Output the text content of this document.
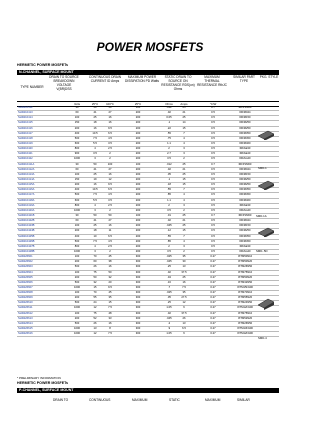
POWER MOSFETS
HERMETIC POWER MOSFETs
N-CHANNEL, SURFACE MOUNT
TYPE NUMBER
DRAIN TO SOURCE BREAKDOWN VOLTAGE V(BR)DSS
CONTINUOUS DRAIN CURRENT ID Amps
MAXIMUM POWER DISSIPATION PD Watts
STATIC DRAIN TO SOURCE ON RESISTANCE RDS(on) Ohms
MAXIMUM THERMAL RESISTANCE RthJC
SIMILAR PART TYPE
PKG. STYLE
Volts	25°C	100°C	25°C	Ohms	Amps	°C/W
SHD210412	30	50	50	100	.012	25	0.7	IRFP1M60
SHD210413	60	41	27	200	.02	21	0.5	IRFM044
SHD210414	100	25	16	200	0.05	25	0.5	IRFM150
SHD210415	150	18	16	200	.1	14	0.5	IRFM250
SHD210416	200	16	9.5	200	.22	15	0.5	IRFM250
SHD210417	400	10.5	6.5	200	.55	7	0.5	IRFM350
SHD210418	500	7.5	4.5	200	.75	4	0.5	IRFM450
SHD210419	600	5.5	3.5	200	1.1	4	0.5	IRFM460
SHD210420	800	4	2.5	200	2	3	0.5	IRFAE30
SHD210421	900	3.5	2	200	2.7	3	0.5	IRFAE40
SHD210422	1000	3	2	200	3.5	2	0.5	IRFAG40
SHD210411A	30	50	100	100	.012	25	0.7	IRFP1M60
SHD210412A	60	41	27	200	.02	21	0.5	IRFM044
SHD210413A	100	25	16	200	.05	25	0.5	IRFM150
SHD210414A	150	19	12	200	.1	15	0.5	IRFM250
SHD210415A	200	16	9.5	200	.18	15	0.5	IRFM250
SHD210416A	400	10.5	6.5	200	.55	7	0.5	IRFM350
SHD210417A	500	7.5	4.5	200	.85	4	0.5	IRFM450
SHD210418A	600	5.5	3.5	200	1.1	4	0.5	IRFM460
SHD210419A	800	4	2.5	200	2	3	0.5	IRFAE30
SHD210420A	1000	3	2	200	3.5	2	0.5	IRFAG40
SHD210421B	30	50	50	100	.01	25	0.7	IRFP1M60
SHD210422B	60	41	27	200	.02	21	0.5	IRFM044
SHD210423B	100	25	16	200	.045	25	0.5	IRFM150
SHD210424B	200	18	11	200	.12	15	0.5	IRFM250
SHD210425B	400	10	6.5	200	.55	7	0.5	IRFM350
SHD210426B	500	7.5	4.5	200	.85	4	0.5	IRFM450
SHD210427B	800	4	2.5	200	2	3	0.5	IRFAE30
SHD210428B	1000	3	2	200	3.5	2	0.5	IRFAG40
SHD226601	100	70	45	300	.025	35	0.27	IXTM50N10
SHD226602	200	60	38	300	.045	30	0.27	IXTM50N20
SHD226603	500	26	16	300	.25	13	0.27	IXTM26N50
SHD226604	100	75	50	300	.02	37.5	0.27	IXTM75N10
SHD226605	200	50	32	300	.04	25	0.27	IXTM50N20
SHD226606	500	32	20	300	.16	16	0.27	IXTM32N50
SHD226607	1000	15	9.5	300	.7	7.5	0.27	IXTM15N100
SHD226608	100	70	45	300	.025	35	0.27	IXTM70N10
SHD226609	200	55	35	300	.05	27.5	0.27	IXTM55N20
SHD226610	500	24	15	300	.25	12	0.27	IXTM24N50
SHD226611	1000	12	7.5	300	1.05	6	0.27	IXTM12N100
SHD226612	100	75	48	300	.02	37.5	0.27	IXTM75N10
SHD226613	200	52	33	300	.045	26	0.27	IXTM52N20
SHD226614	500	26	16	300	.2	13	0.27	IXTM26N50
SHD226615	1000	13	8	300	.9	6.5	0.27	IXTM13N100
SHD226616	1000	12	7.5	300	1.05	6	0.27	IXTM12N100
SMD-1
SMD-1A
SMD-.5D
SMD-4
* PRELIMINARY INFORMATION
HERMETIC POWER MOSFETs
P-CHANNEL, SURFACE MOUNT
DRAIN TO	CONTINUOUS	MAXIMUM	STATIC	MAXIMUM	SIMILAR
